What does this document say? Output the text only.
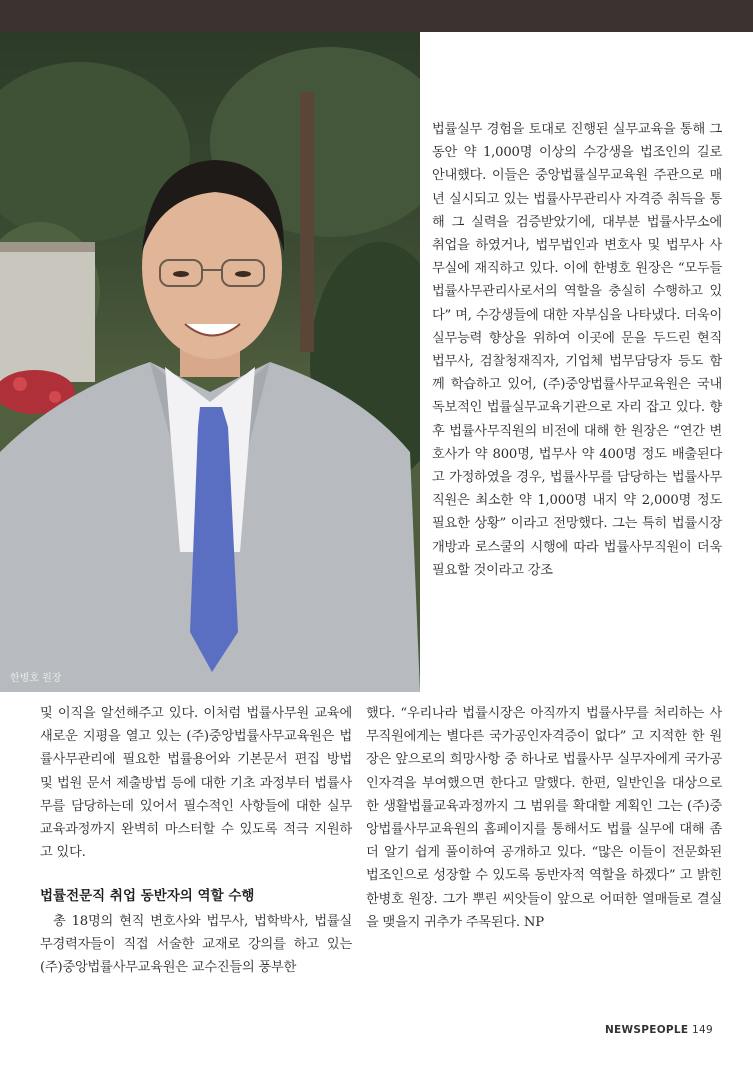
한병호 원장

법률실무 경험을 토대로 진행된 실무교육을 통해 그동안 약 1,000명 이상의 수강생을 법조인의 길로 안내했다. 이들은 중앙법률실무교육원 주관으로 매년 실시되고 있는 법률사무관리사 자격증 취득을 통해 그 실력을 검증받았기에, 대부분 법률사무소에 취업을 하였거나, 법무법인과 변호사 및 법무사 사무실에 재직하고 있다. 이에 한병호 원장은 “모두들 법률사무관리사로서의 역할을 충실히 수행하고 있다” 며, 수강생들에 대한 자부심을 나타냈다. 더욱이 실무능력 향상을 위하여 이곳에 문을 두드린 현직 법무사, 검찰청재직자, 기업체 법무담당자 등도 함께 학습하고 있어, (주)중앙법률사무교육원은 국내 독보적인 법률실무교육기관으로 자리 잡고 있다. 향후 법률사무직원의 비전에 대해 한 원장은 “연간 변호사가 약 800명, 법무사 약 400명 정도 배출된다고 가정하였을 경우, 법률사무를 담당하는 법률사무직원은 최소한 약 1,000명 내지 약 2,000명 정도 필요한 상황” 이라고 전망했다. 그는 특히 법률시장 개방과 로스쿨의 시행에 따라 법률사무직원이 더욱 필요할 것이라고 강조

및 이직을 알선해주고 있다. 이처럼 법률사무원 교육에 새로운 지평을 열고 있는 (주)중앙법률사무교육원은 법률사무관리에 필요한 법률용어와 기본문서 편집 방법 및 법원 문서 제출방법 등에 대한 기초 과정부터 법률사무를 담당하는데 있어서 필수적인 사항들에 대한 실무교육과정까지 완벽히 마스터할 수 있도록 적극 지원하고 있다.

법률전문직 취업 동반자의 역할 수행

총 18명의 현직 변호사와 법무사, 법학박사, 법률실무경력자들이 직접 서술한 교재로 강의를 하고 있는 (주)중앙법률사무교육원은 교수진들의 풍부한

했다. “우리나라 법률시장은 아직까지 법률사무를 처리하는 사무직원에게는 별다른 국가공인자격증이 없다” 고 지적한 한 원장은 앞으로의 희망사항 중 하나로 법률사무 실무자에게 국가공인자격을 부여했으면 한다고 말했다. 한편, 일반인을 대상으로 한 생활법률교육과정까지 그 범위를 확대할 계획인 그는 (주)중앙법률사무교육원의 홈페이지를 통해서도 법률 실무에 대해 좀 더 알기 쉽게 풀이하여 공개하고 있다. “많은 이들이 전문화된 법조인으로 성장할 수 있도록 동반자적 역할을 하겠다” 고 밝힌 한병호 원장. 그가 뿌린 씨앗들이 앞으로 어떠한 열매들로 결실을 맺을지 귀추가 주목된다. NP

NEWSPEOPLE 149
